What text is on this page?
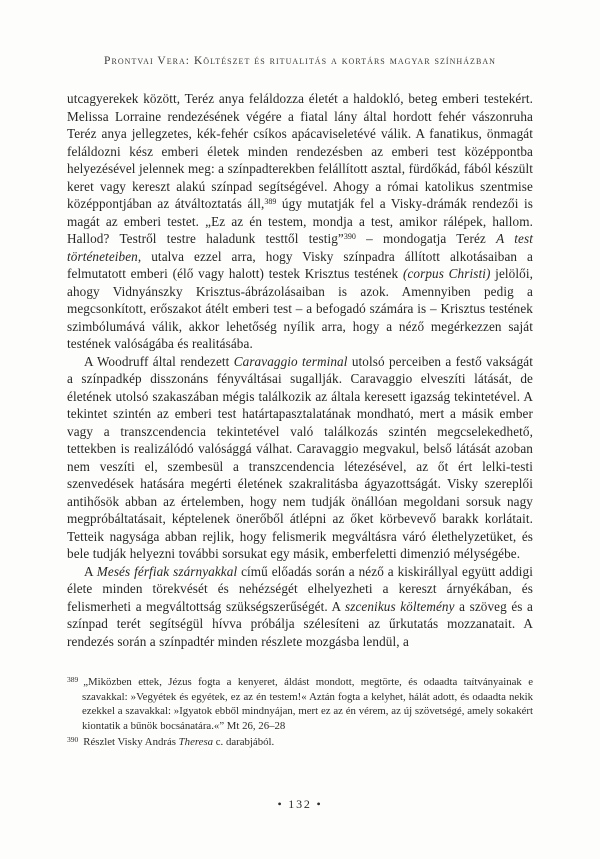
Prontvai Vera: Költészet és ritualitás a kortárs magyar színházban

utcagyerekek között, Teréz anya feláldozza életét a haldokló, beteg emberi testekért. Melissa Lorraine rendezésének végére a fiatal lány által hordott fehér vászonruha Teréz anya jellegzetes, kék-fehér csíkos apácaviseletévé válik. A fanatikus, önmagát feláldozni kész emberi életek minden rendezésben az emberi test középpontba helyezésével jelennek meg: a színpadterekben felállított asztal, fürdőkád, fából készült keret vagy kereszt alakú színpad segítségével. Ahogy a római katolikus szentmise középpontjában az átváltoztatás áll,$^{389}$ úgy mutatják fel a Visky-drámák rendezői is magát az emberi testet. „Ez az én testem, mondja a test, amikor rálépek, hallom. Hallod? Testről testre haladunk testtől testig”$^{390}$ – mondogatja Teréz A test történeteiben, utalva ezzel arra, hogy Visky színpadra állított alkotásaiban a felmutatott emberi (élő vagy halott) testek Krisztus testének (corpus Christi) jelölői, ahogy Vidnyánszky Krisztus-ábrázolásaiban is azok. Amennyiben pedig a megcsonkított, erőszakot átélt emberi test – a befogadó számára is – Krisztus testének szimbólumává válik, akkor lehetőség nyílik arra, hogy a néző megérkezzen saját testének valóságába és realitásába.

A Woodruff által rendezett Caravaggio terminal utolsó perceiben a festő vakságát a színpadkép disszonáns fényváltásai sugallják. Caravaggio elveszíti látását, de életének utolsó szakaszában mégis találkozik az általa keresett igazság tekintetével. A tekintet szintén az emberi test határtapasztalatának mondható, mert a másik ember vagy a transzcendencia tekintetével való találkozás szintén megcselekedhető, tettekben is realizálódó valósággá válhat. Caravaggio megvakul, belső látását azoban nem veszíti el, szembesül a transzcendencia létezésével, az őt ért lelki-testi szenvedések hatására megérti életének szakralitásba ágyazottságát. Visky szereplői antihősök abban az értelemben, hogy nem tudják önállóan megoldani sorsuk nagy megpróbáltatásait, képtelenek önerőből átlépni az őket körbevevő barakk korlátait. Tetteik nagysága abban rejlik, hogy felismerik megváltásra váró élethelyzetüket, és bele tudják helyezni további sorsukat egy másik, emberfeletti dimenzió mélységébe.

A Mesés férfiak szárnyakkal című előadás során a néző a kiskirállyal együtt addigi élete minden törekvését és nehézségét elhelyezheti a kereszt árnyékában, és felismerheti a megváltottság szükségszerűségét. A szcenikus költemény a szöveg és a színpad terét segítségül hívva próbálja szélesíteni az űrkutatás mozzanatait. A rendezés során a színpadtér minden részlete mozgásba lendül, a

$^{389}$ „Miközben ettek, Jézus fogta a kenyeret, áldást mondott, megtörte, és odaadta taítványainak e szavakkal: »Vegyétek és egyétek, ez az én testem!« Aztán fogta a kelyhet, hálát adott, és odaadta nekik ezekkel a szavakkal: »Igyatok ebből mindnyájan, mert ez az én vérem, az új szövetségé, amely sokakért kiontatik a bűnök bocsánatára.«” Mt 26, 26–28
$^{390}$ Részlet Visky András Theresa c. darabjából.
• 132 •
